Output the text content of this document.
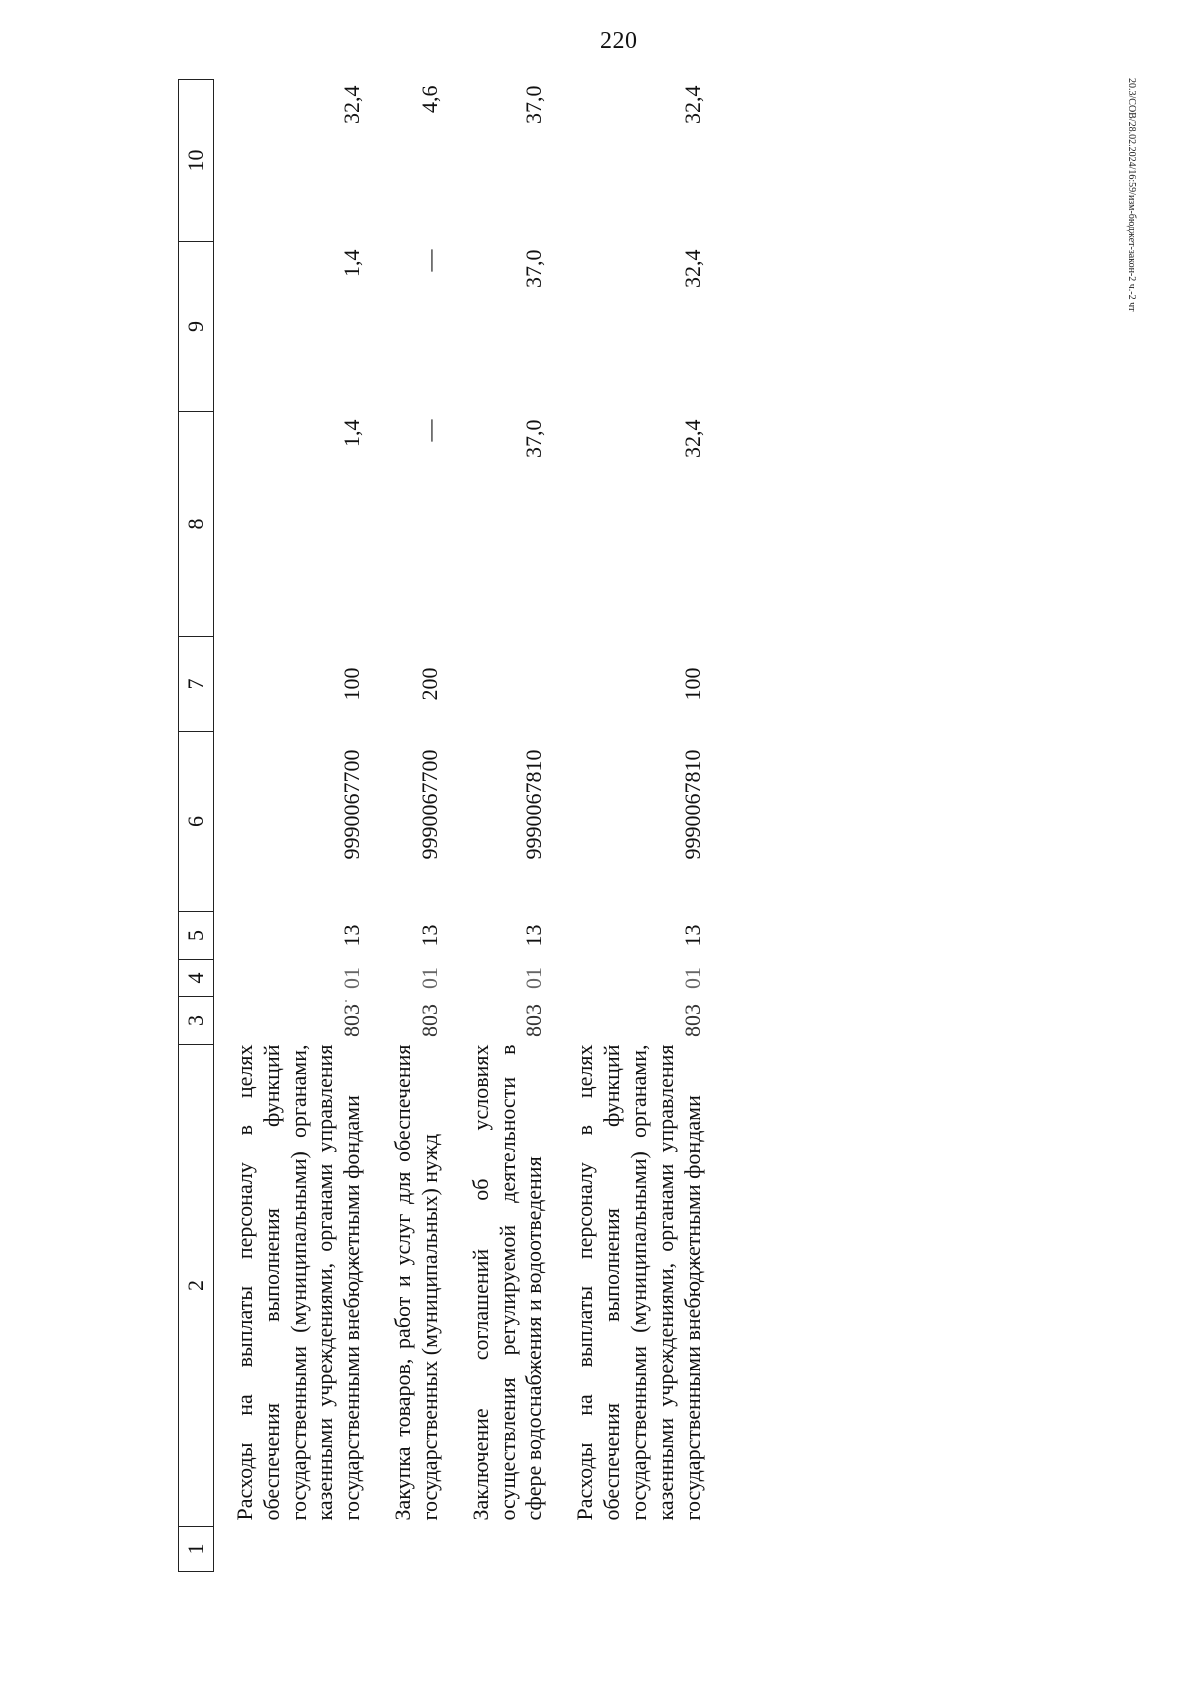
220
20.3/СОВ/28.02.2024/16:59/изм-бюджет-закон-2 ч.-2 чт
1	2	3	4	5	6	7	8	9	10
	Расходы на выплаты персоналу в целях обеспечения выполнения функций государственными (муниципальными) органами, казенными учреждениями, органами управления государственными внебюджетными фондами	803	01	13	9990067700	100	1,4	1,4	32,4
	Закупка товаров, работ и услуг для обеспечения государственных (муниципальных) нужд	803	01	13	9990067700	200	—	—	4,6
	Заключение соглашений об условиях осуществления регулируемой деятельности в сфере водоснабжения и водоотведения	803	01	13	9990067810		37,0	37,0	37,0
	Расходы на выплаты персоналу в целях обеспечения выполнения функций государственными (муниципальными) органами, казенными учреждениями, органами управления государственными внебюджетными фондами	803	01	13	9990067810	100	32,4	32,4	32,4
